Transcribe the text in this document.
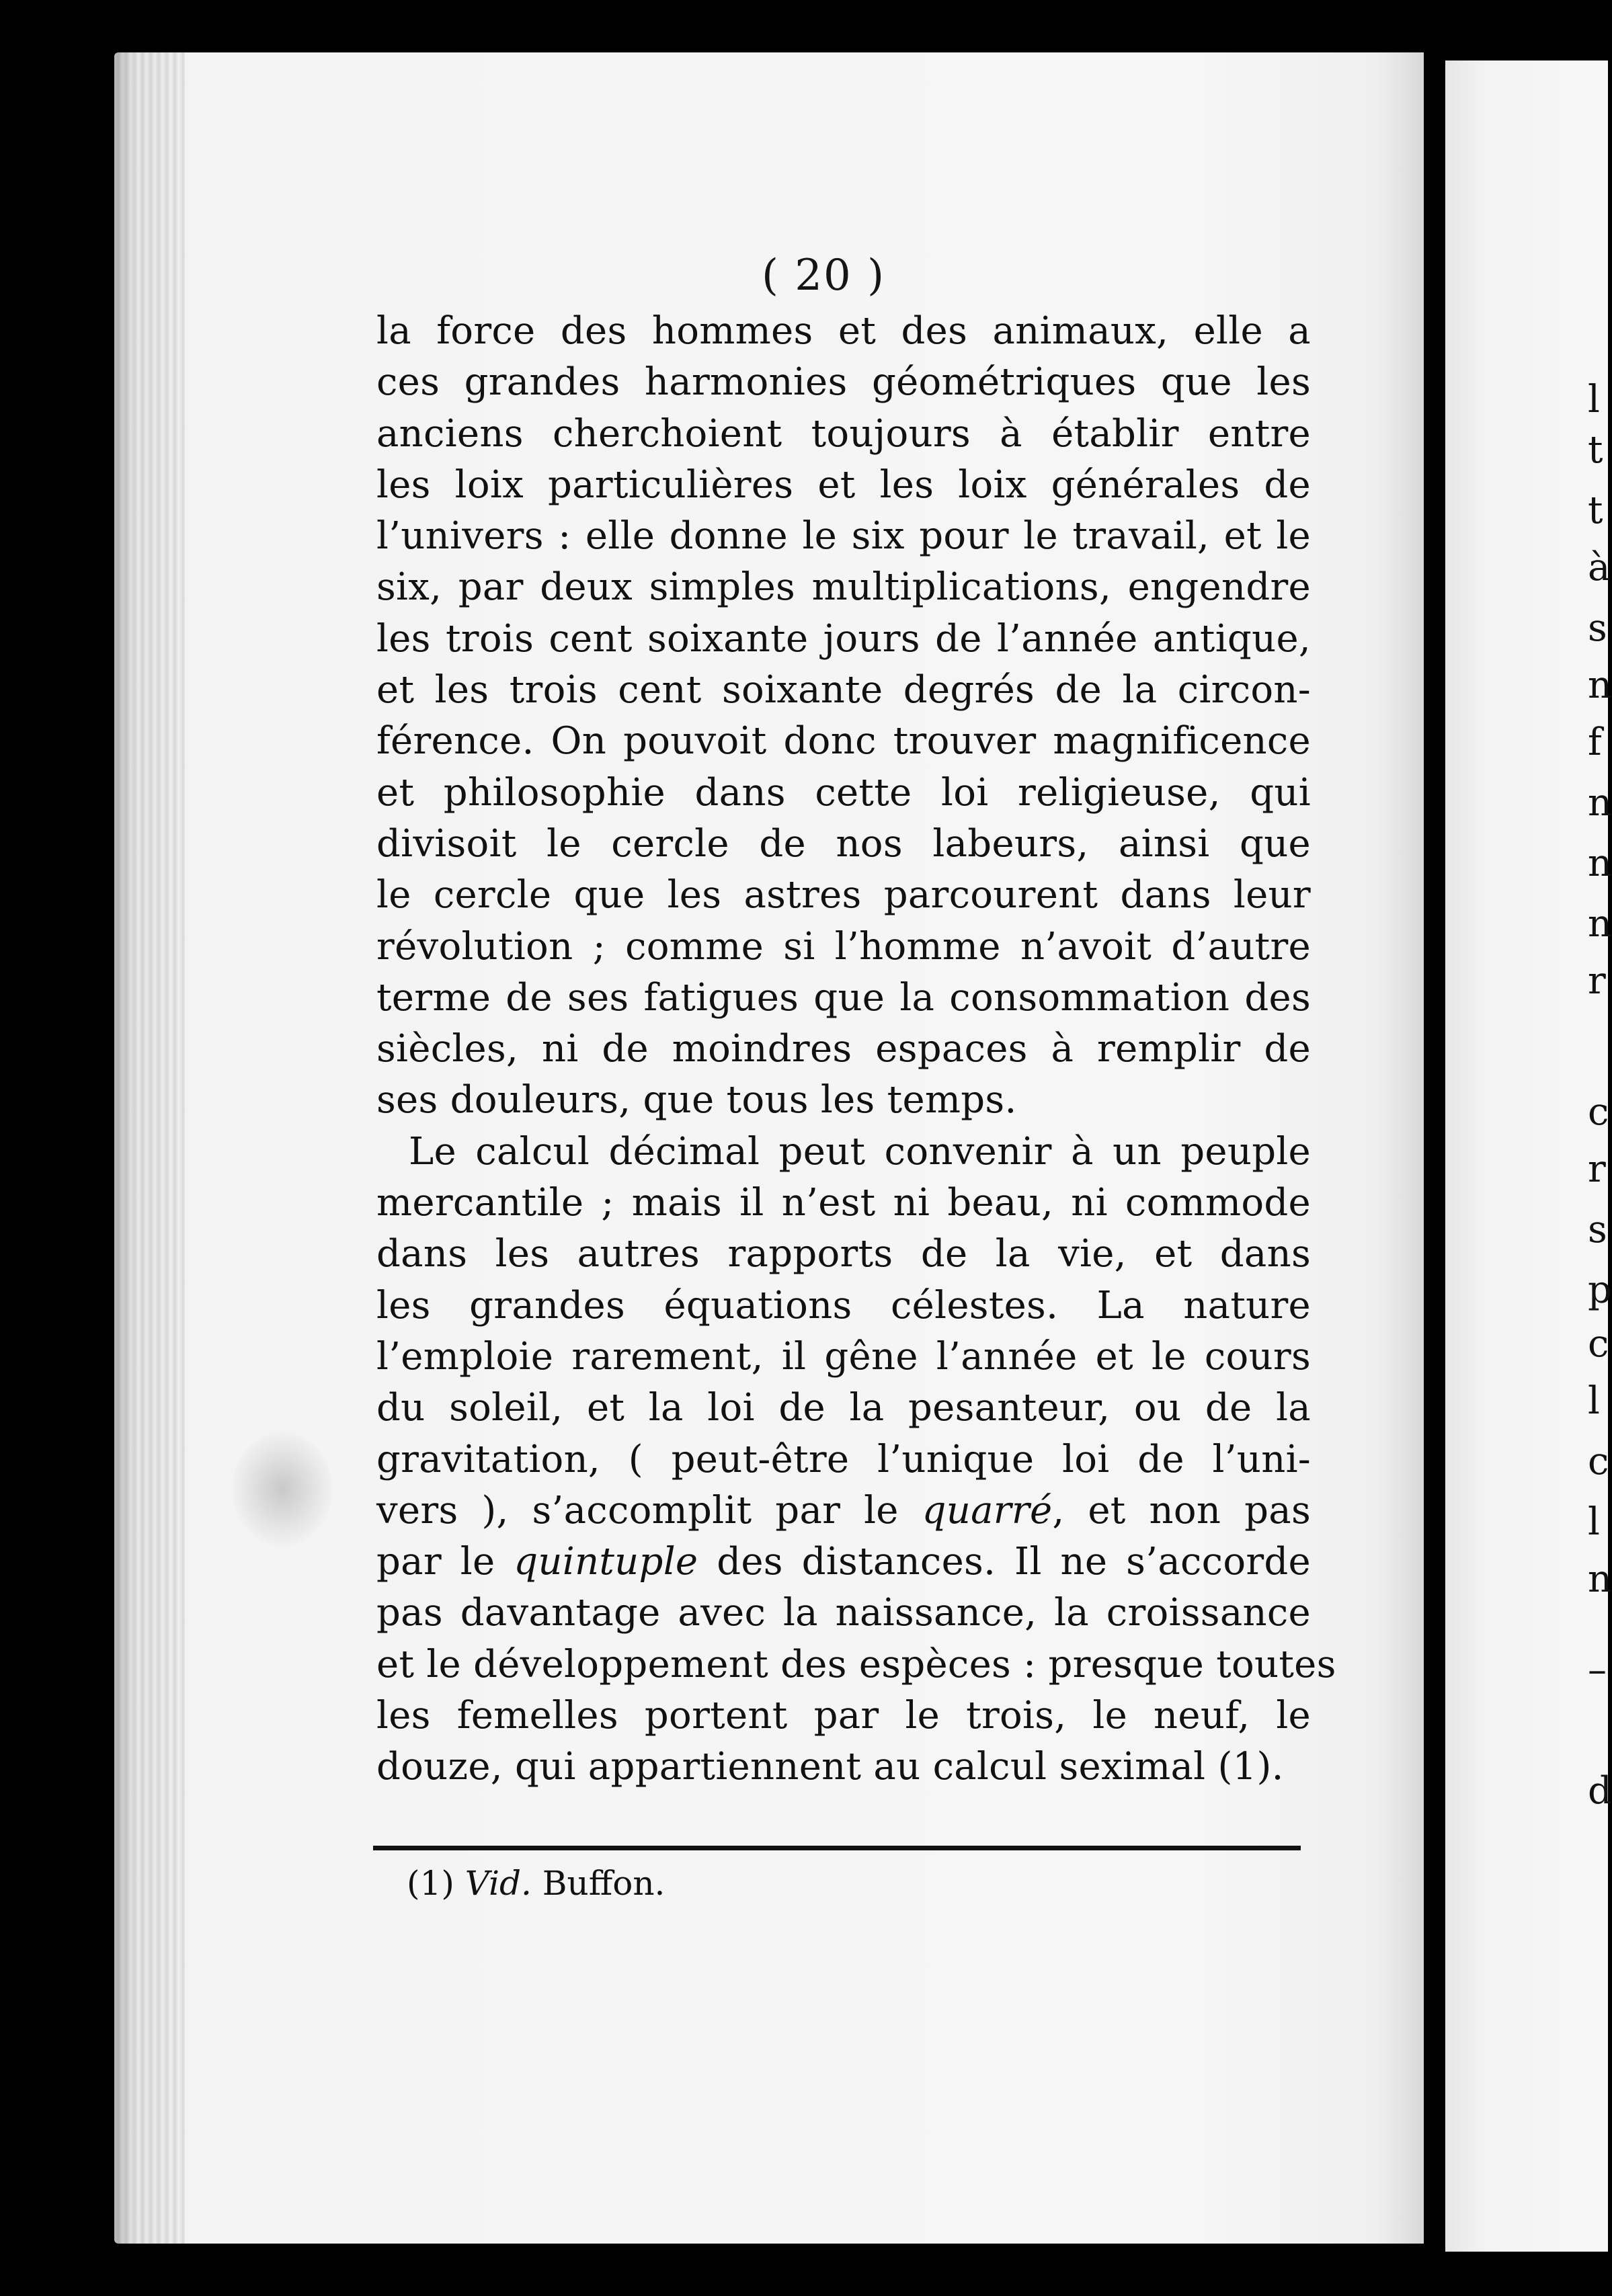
( 20 )
la force des hommes et des animaux, elle a
ces grandes harmonies géométriques que les
anciens cherchoient toujours à établir entre
les loix particulières et les loix générales de
l’univers : elle donne le six pour le travail, et le
six, par deux simples multiplications, engendre
les trois cent soixante jours de l’année antique,
et les trois cent soixante degrés de la circon-
férence. On pouvoit donc trouver magnificence
et philosophie dans cette loi religieuse, qui
divisoit le cercle de nos labeurs, ainsi que
le cercle que les astres parcourent dans leur
révolution ; comme si l’homme n’avoit d’autre
terme de ses fatigues que la consommation des
siècles, ni de moindres espaces à remplir de
ses douleurs, que tous les temps.
Le calcul décimal peut convenir à un peuple
mercantile ; mais il n’est ni beau, ni commode
dans les autres rapports de la vie, et dans
les grandes équations célestes. La nature
l’emploie rarement, il gêne l’année et le cours
du soleil, et la loi de la pesanteur, ou de la
gravitation, ( peut-être l’unique loi de l’uni-
vers ), s’accomplit par le quarré, et non pas
par le quintuple des distances. Il ne s’accorde
pas davantage avec la naissance, la croissance
et le développement des espèces : presque toutes
les femelles portent par le trois, le neuf, le
douze, qui appartiennent au calcul seximal (1).
(1) Vid. Buffon.
l
t
t
à
s
n
f
n
n
n
r
c
r
s
p
c
l
c
l
n
–
d
